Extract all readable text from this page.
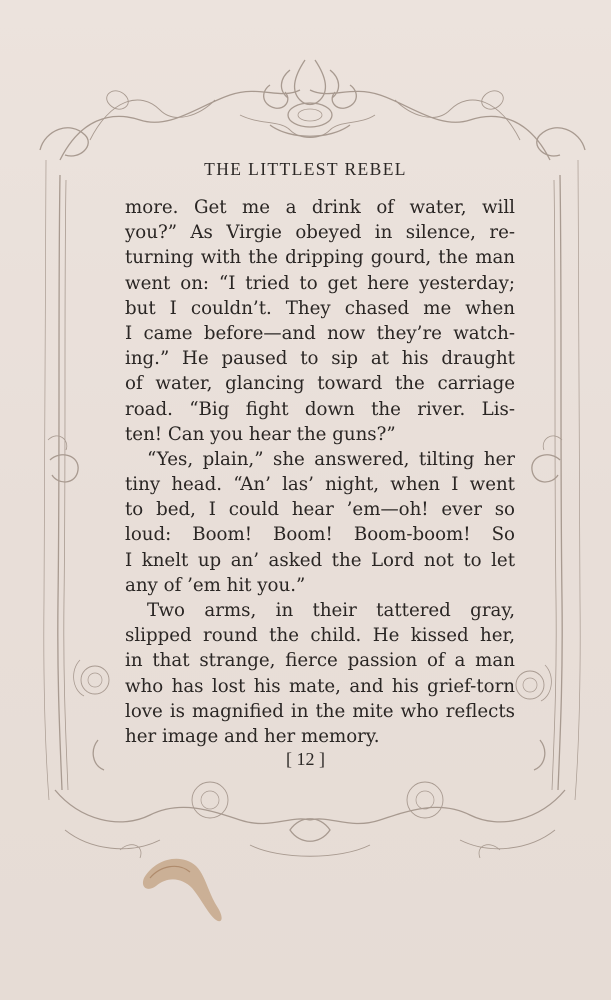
THE LITTLEST REBEL
more. Get me a drink of water, will
you?” As Virgie obeyed in silence, re-
turning with the dripping gourd, the man
went on: “I tried to get here yesterday;
but I couldn’t. They chased me when
I came before—and now they’re watch-
ing.” He paused to sip at his draught
of water, glancing toward the carriage
road. “Big fight down the river. Lis-
ten! Can you hear the guns?”
“Yes, plain,” she answered, tilting her
tiny head. “An’ las’ night, when I went
to bed, I could hear ’em—oh! ever so
loud: Boom! Boom! Boom-boom! So
I knelt up an’ asked the Lord not to let
any of ’em hit you.”
Two arms, in their tattered gray,
slipped round the child. He kissed her,
in that strange, fierce passion of a man
who has lost his mate, and his grief-torn
love is magnified in the mite who reflects
her image and her memory.
[ 12 ]
